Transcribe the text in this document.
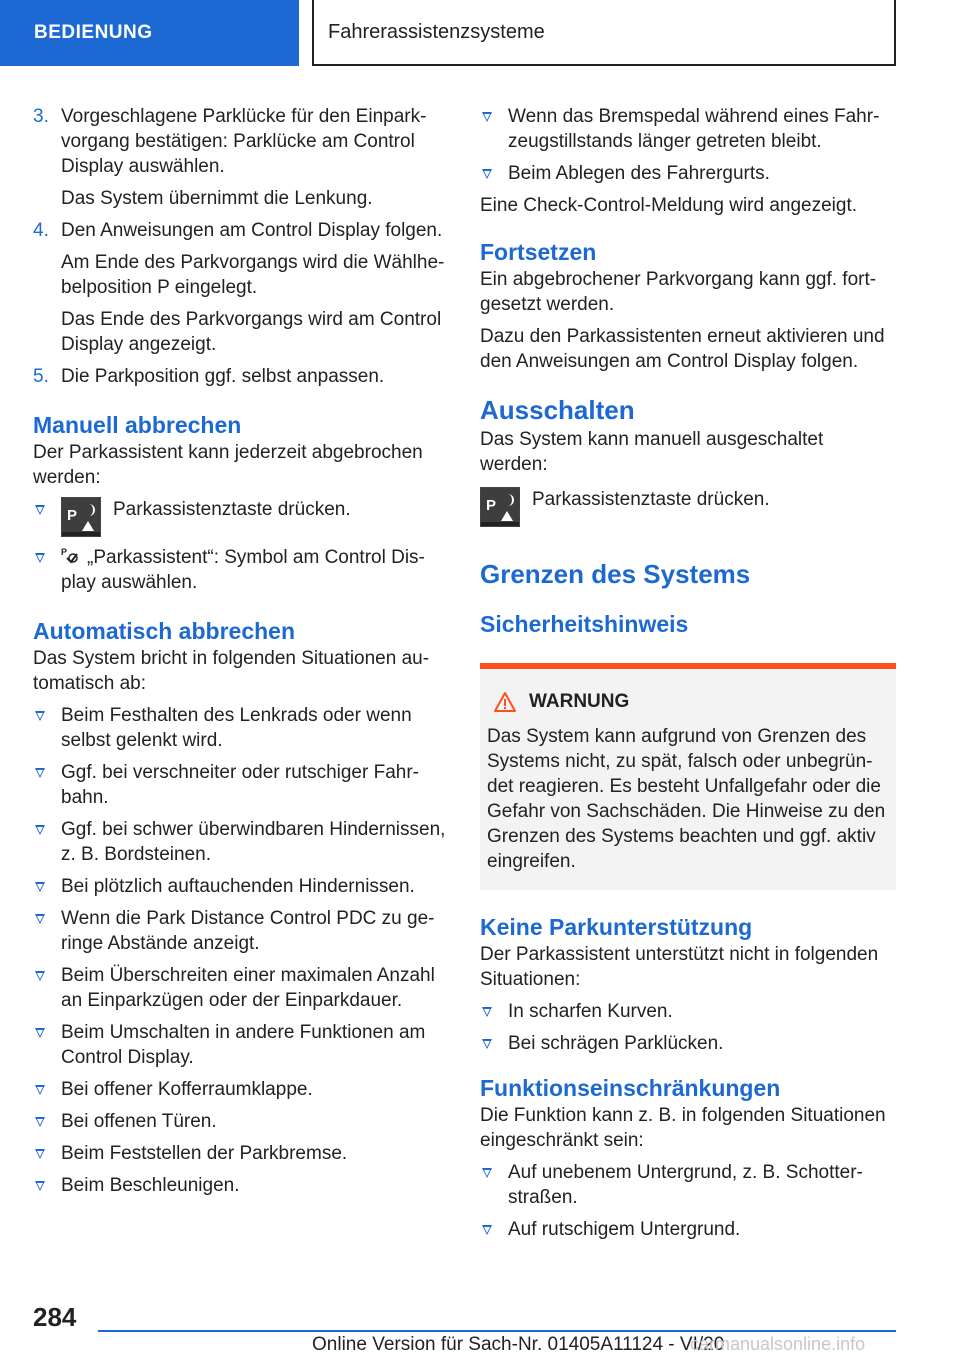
BEDIENUNG	Fahrerassistenzsysteme
3. Vorgeschlagene Parklücke für den Einpark- vorgang bestätigen: Parklücke am Control Display auswählen.

Das System übernimmt die Lenkung.

4. Den Anweisungen am Control Display folgen.

Am Ende des Parkvorgangs wird die Wählhe- belposition P eingelegt.

Das Ende des Parkvorgangs wird am Control Display angezeigt.

5. Die Parkposition ggf. selbst anpassen.

Manuell abbrechen

Der Parkassistent kann jederzeit abgebrochen werden:

P Parkassistenztaste drücken.
P „Parkassistent“: Symbol am Control Dis- play auswählen.
Automatisch abbrechen

Das System bricht in folgenden Situationen au- tomatisch ab:

Beim Festhalten des Lenkrads oder wenn selbst gelenkt wird.
Ggf. bei verschneiter oder rutschiger Fahr- bahn.
Ggf. bei schwer überwindbaren Hindernissen, z. B. Bordsteinen.
Bei plötzlich auftauchenden Hindernissen.
Wenn die Park Distance Control PDC zu ge- ringe Abstände anzeigt.
Beim Überschreiten einer maximalen Anzahl an Einparkzügen oder der Einparkdauer.
Beim Umschalten in andere Funktionen am Control Display.
Bei offener Kofferraumklappe.
Bei offenen Türen.
Beim Feststellen der Parkbremse.
Beim Beschleunigen.
Wenn das Bremspedal während eines Fahr- zeugstillstands länger getreten bleibt.
Beim Ablegen des Fahrergurts.

Eine Check-Control-Meldung wird angezeigt.

Fortsetzen

Ein abgebrochener Parkvorgang kann ggf. fort- gesetzt werden.

Dazu den Parkassistenten erneut aktivieren und den Anweisungen am Control Display folgen.

Ausschalten

Das System kann manuell ausgeschaltet werden:

P Parkassistenztaste drücken.
Grenzen des Systems
Sicherheitshinweis
WARNUNG
Das System kann aufgrund von Grenzen des Systems nicht, zu spät, falsch oder unbegrün- det reagieren. Es besteht Unfallgefahr oder die Gefahr von Sachschäden. Die Hinweise zu den Grenzen des Systems beachten und ggf. aktiv eingreifen.
Keine Parkunterstützung

Der Parkassistent unterstützt nicht in folgenden Situationen:

In scharfen Kurven.
Bei schrägen Parklücken.
Funktionseinschränkungen

Die Funktion kann z. B. in folgenden Situationen eingeschränkt sein:

Auf unebenem Untergrund, z. B. Schotter- straßen.
Auf rutschigem Untergrund.
284
Online Version für Sach-Nr. 01405A11124 - VI/20
carmanualsonline.info
